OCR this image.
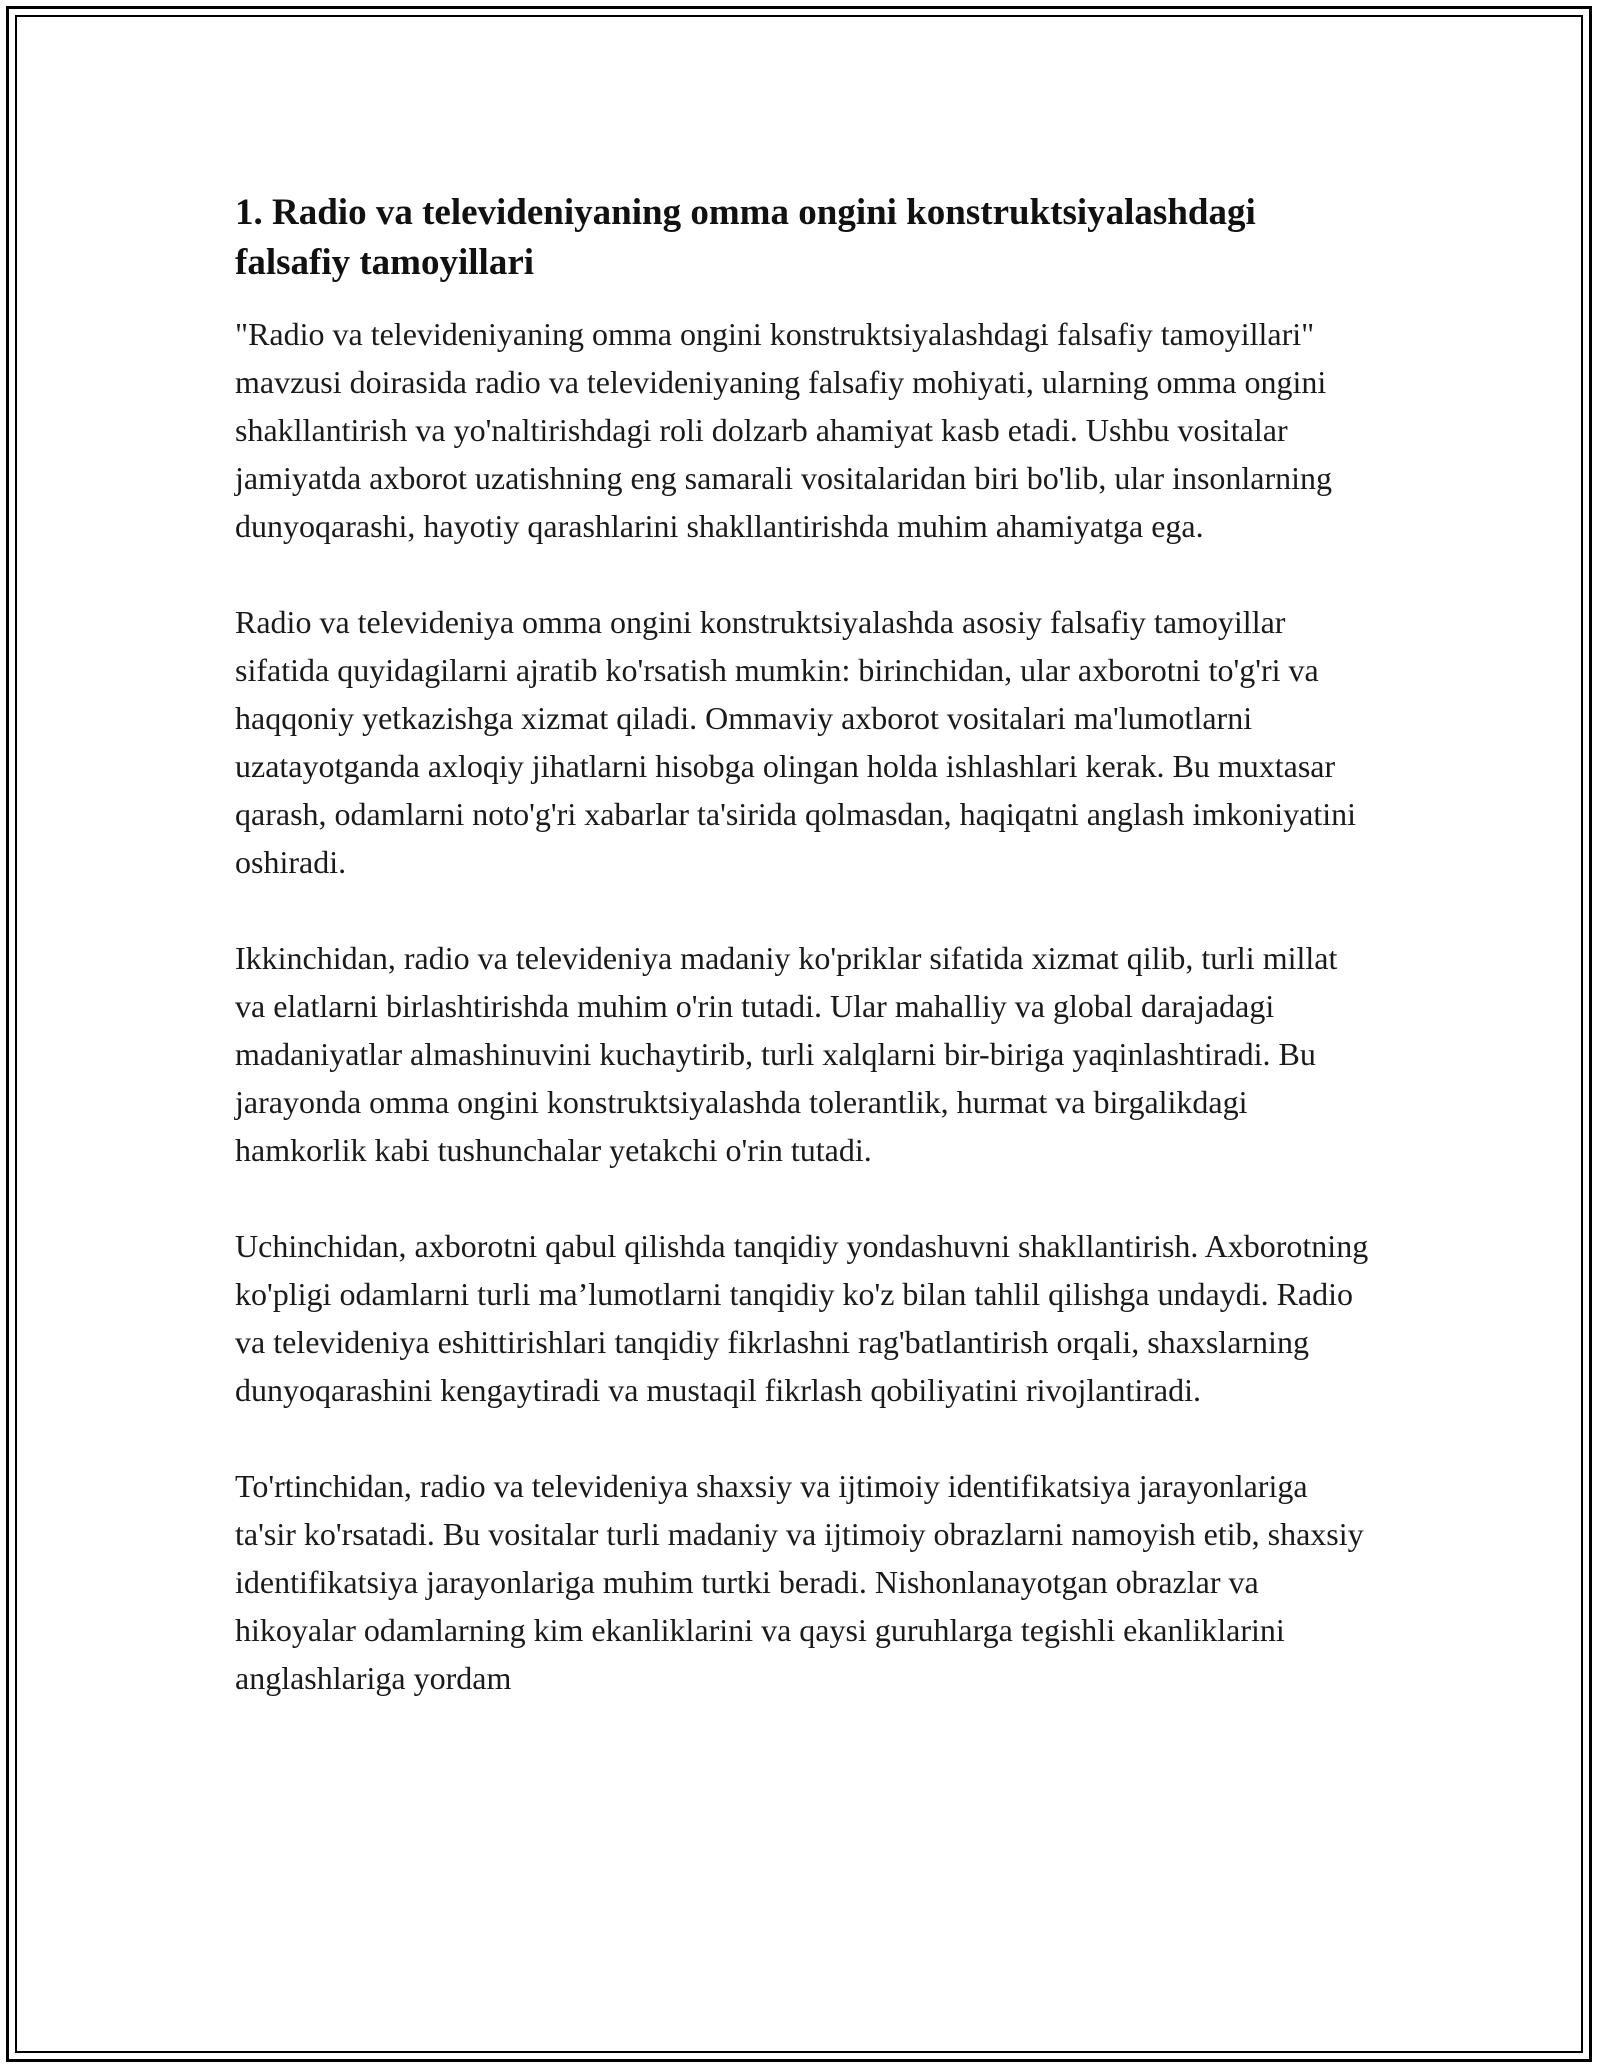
1. Radio va televideniyaning omma ongini konstruktsiyalashdagi falsafiy tamoyillari

"Radio va televideniyaning omma ongini konstruktsiyalashdagi falsafiy tamoyillari" mavzusi doirasida radio va televideniyaning falsafiy mohiyati, ularning omma ongini shakllantirish va yo'naltirishdagi roli dolzarb ahamiyat kasb etadi. Ushbu vositalar jamiyatda axborot uzatishning eng samarali vositalaridan biri bo'lib, ular insonlarning dunyoqarashi, hayotiy qarashlarini shakllantirishda muhim ahamiyatga ega.

Radio va televideniya omma ongini konstruktsiyalashda asosiy falsafiy tamoyillar sifatida quyidagilarni ajratib ko'rsatish mumkin: birinchidan, ular axborotni to'g'ri va haqqoniy yetkazishga xizmat qiladi. Ommaviy axborot vositalari ma'lumotlarni uzatayotganda axloqiy jihatlarni hisobga olingan holda ishlashlari kerak. Bu muxtasar qarash, odamlarni noto'g'ri xabarlar ta'sirida qolmasdan, haqiqatni anglash imkoniyatini oshiradi.

Ikkinchidan, radio va televideniya madaniy ko'priklar sifatida xizmat qilib, turli millat va elatlarni birlashtirishda muhim o'rin tutadi. Ular mahalliy va global darajadagi madaniyatlar almashinuvini kuchaytirib, turli xalqlarni bir-biriga yaqinlashtiradi. Bu jarayonda omma ongini konstruktsiyalashda tolerantlik, hurmat va birgalikdagi hamkorlik kabi tushunchalar yetakchi o'rin tutadi.

Uchinchidan, axborotni qabul qilishda tanqidiy yondashuvni shakllantirish. Axborotning ko'pligi odamlarni turli ma’lumotlarni tanqidiy ko'z bilan tahlil qilishga undaydi. Radio va televideniya eshittirishlari tanqidiy fikrlashni rag'batlantirish orqali, shaxslarning dunyoqarashini kengaytiradi va mustaqil fikrlash qobiliyatini rivojlantiradi.

To'rtinchidan, radio va televideniya shaxsiy va ijtimoiy identifikatsiya jarayonlariga ta'sir ko'rsatadi. Bu vositalar turli madaniy va ijtimoiy obrazlarni namoyish etib, shaxsiy identifikatsiya jarayonlariga muhim turtki beradi. Nishonlanayotgan obrazlar va hikoyalar odamlarning kim ekanliklarini va qaysi guruhlarga tegishli ekanliklarini anglashlariga yordam
